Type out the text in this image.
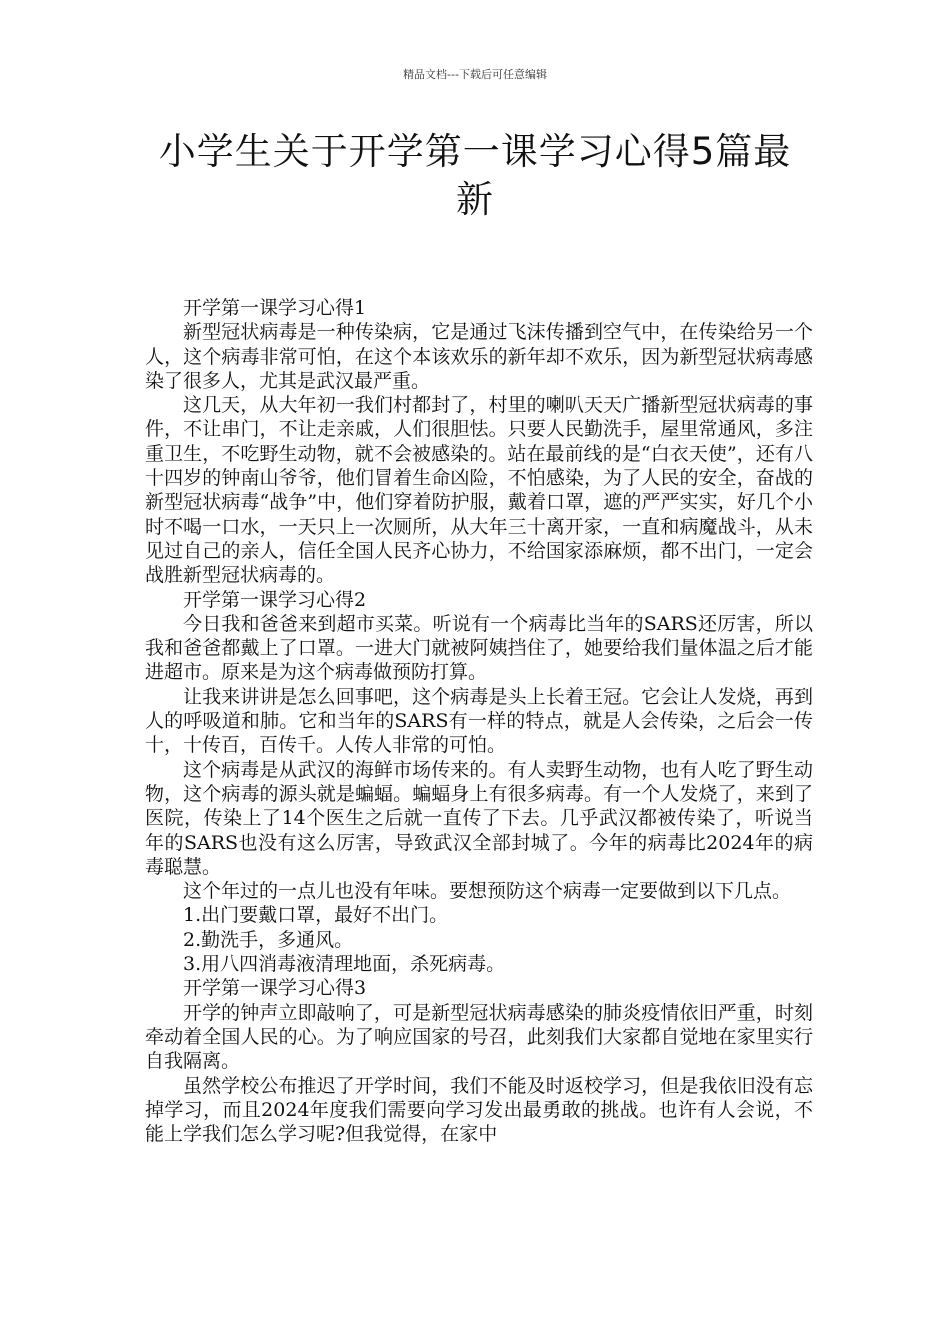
精品文档---下载后可任意编辑
小学生关于开学第一课学习心得5篇最新

开学第一课学习心得1

新型冠状病毒是一种传染病，它是通过飞沫传播到空气中，在传染给另一个人，这个病毒非常可怕，在这个本该欢乐的新年却不欢乐，因为新型冠状病毒感染了很多人，尤其是武汉最严重。

这几天，从大年初一我们村都封了，村里的喇叭天天广播新型冠状病毒的事件，不让串门，不让走亲戚，人们很胆怯。只要人民勤洗手，屋里常通风，多注重卫生，不吃野生动物，就不会被感染的。站在最前线的是“白衣天使”，还有八十四岁的钟南山爷爷，他们冒着生命凶险，不怕感染，为了人民的安全，奋战的新型冠状病毒“战争”中，他们穿着防护服，戴着口罩，遮的严严实实，好几个小时不喝一口水，一天只上一次厕所，从大年三十离开家，一直和病魔战斗，从未见过自己的亲人，信任全国人民齐心协力，不给国家添麻烦，都不出门，一定会战胜新型冠状病毒的。

开学第一课学习心得2

今日我和爸爸来到超市买菜。听说有一个病毒比当年的SARS还厉害，所以我和爸爸都戴上了口罩。一进大门就被阿姨挡住了，她要给我们量体温之后才能进超市。原来是为这个病毒做预防打算。

让我来讲讲是怎么回事吧，这个病毒是头上长着王冠。它会让人发烧，再到人的呼吸道和肺。它和当年的SARS有一样的特点，就是人会传染，之后会一传十，十传百，百传千。人传人非常的可怕。

这个病毒是从武汉的海鲜市场传来的。有人卖野生动物，也有人吃了野生动物，这个病毒的源头就是蝙蝠。蝙蝠身上有很多病毒。有一个人发烧了，来到了医院，传染上了14个医生之后就一直传了下去。几乎武汉都被传染了，听说当年的SARS也没有这么厉害，导致武汉全部封城了。今年的病毒比2024年的病毒聪慧。

这个年过的一点儿也没有年味。要想预防这个病毒一定要做到以下几点。

1.出门要戴口罩，最好不出门。

2.勤洗手，多通风。

3.用八四消毒液清理地面，杀死病毒。

开学第一课学习心得3

开学的钟声立即敲响了，可是新型冠状病毒感染的肺炎疫情依旧严重，时刻牵动着全国人民的心。为了响应国家的号召，此刻我们大家都自觉地在家里实行自我隔离。

虽然学校公布推迟了开学时间，我们不能及时返校学习，但是我依旧没有忘掉学习，而且2024年度我们需要向学习发出最勇敢的挑战。也许有人会说，不能上学我们怎么学习呢?但我觉得，在家中
